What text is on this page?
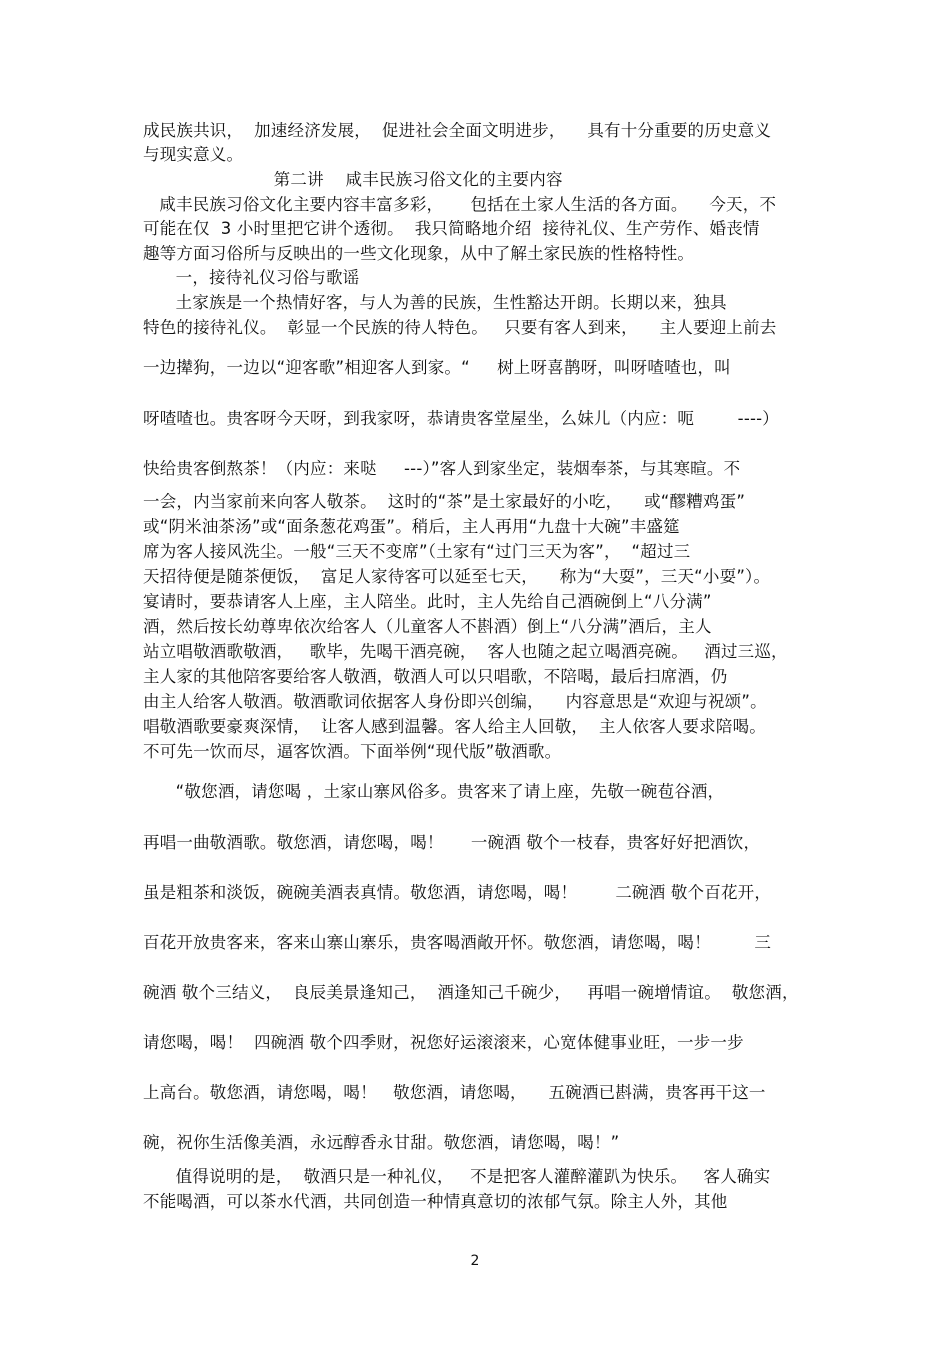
成民族共识，  加速经济发展，  促进社会全面文明进步，    具有十分重要的历史意义
与现实意义。
第二讲    咸丰民族习俗文化的主要内容
咸丰民族习俗文化主要内容丰富多彩，     包括在土家人生活的各方面。    今天，不
可能在仅  3 小时里把它讲个透彻。  我只简略地介绍  接待礼仪、生产劳作、婚丧情
趣等方面习俗所与反映出的一些文化现象，从中了解土家民族的性格特性。
一，接待礼仪习俗与歌谣
土家族是一个热情好客，与人为善的民族，生性豁达开朗。长期以来，独具
特色的接待礼仪。  彰显一个民族的待人特色。   只要有客人到来，    主人要迎上前去
一边撵狗，一边以“迎客歌”相迎客人到家。“     树上呀喜鹊呀，叫呀喳喳也，叫
呀喳喳也。贵客呀今天呀，到我家呀，恭请贵客堂屋坐，么妹儿（内应：呃        ----）
快给贵客倒熬茶！（内应：来哒     ---）”客人到家坐定，装烟奉茶，与其寒暄。不
一会，内当家前来向客人敬茶。  这时的“茶”是土家最好的小吃，    或“醪糟鸡蛋”
或“阴米油茶汤”或“面条葱花鸡蛋”。稍后，主人再用“九盘十大碗”丰盛筵
席为客人接风洗尘。一般“三天不变席”（土家有“过门三天为客”，  “超过三
天招待便是随茶便饭，  富足人家待客可以延至七天，    称为“大耍”，三天“小耍”）。
宴请时，要恭请客人上座，主人陪坐。此时，主人先给自己酒碗倒上“八分满”
酒，然后按长幼尊卑依次给客人（儿童客人不斟酒）倒上“八分满”酒后，主人
站立唱敬酒歌敬酒，   歌毕，先喝干酒亮碗，  客人也随之起立喝酒亮碗。   酒过三巡，
主人家的其他陪客要给客人敬酒，敬酒人可以只唱歌，不陪喝，最后扫席酒，仍
由主人给客人敬酒。敬酒歌词依据客人身份即兴创编，    内容意思是“欢迎与祝颂”。
唱敬酒歌要豪爽深情，  让客人感到温馨。客人给主人回敬，  主人依客人要求陪喝。
不可先一饮而尽，逼客饮酒。下面举例“现代版”敬酒歌。
“敬您酒，请您喝 ，土家山寨风俗多。贵客来了请上座，先敬一碗苞谷酒，
再唱一曲敬酒歌。敬您酒，请您喝，喝！     一碗酒 敬个一枝春，贵客好好把酒饮，
虽是粗茶和淡饭，碗碗美酒表真情。敬您酒，请您喝，喝！       二碗酒 敬个百花开，
百花开放贵客来，客来山寨山寨乐，贵客喝酒敞开怀。敬您酒，请您喝，喝！        三
碗酒 敬个三结义，  良辰美景逢知己，  酒逢知己千碗少，   再唱一碗增情谊。  敬您酒，
请您喝，喝！  四碗酒 敬个四季财，祝您好运滚滚来，心宽体健事业旺，一步一步
上高台。敬您酒，请您喝，喝！   敬您酒，请您喝，    五碗酒已斟满，贵客再干这一
碗，祝你生活像美酒，永远醇香永甘甜。敬您酒，请您喝，喝！”
值得说明的是，  敬酒只是一种礼仪，   不是把客人灌醉灌趴为快乐。   客人确实
不能喝酒，可以茶水代酒，共同创造一种情真意切的浓郁气氛。除主人外，其他
2
